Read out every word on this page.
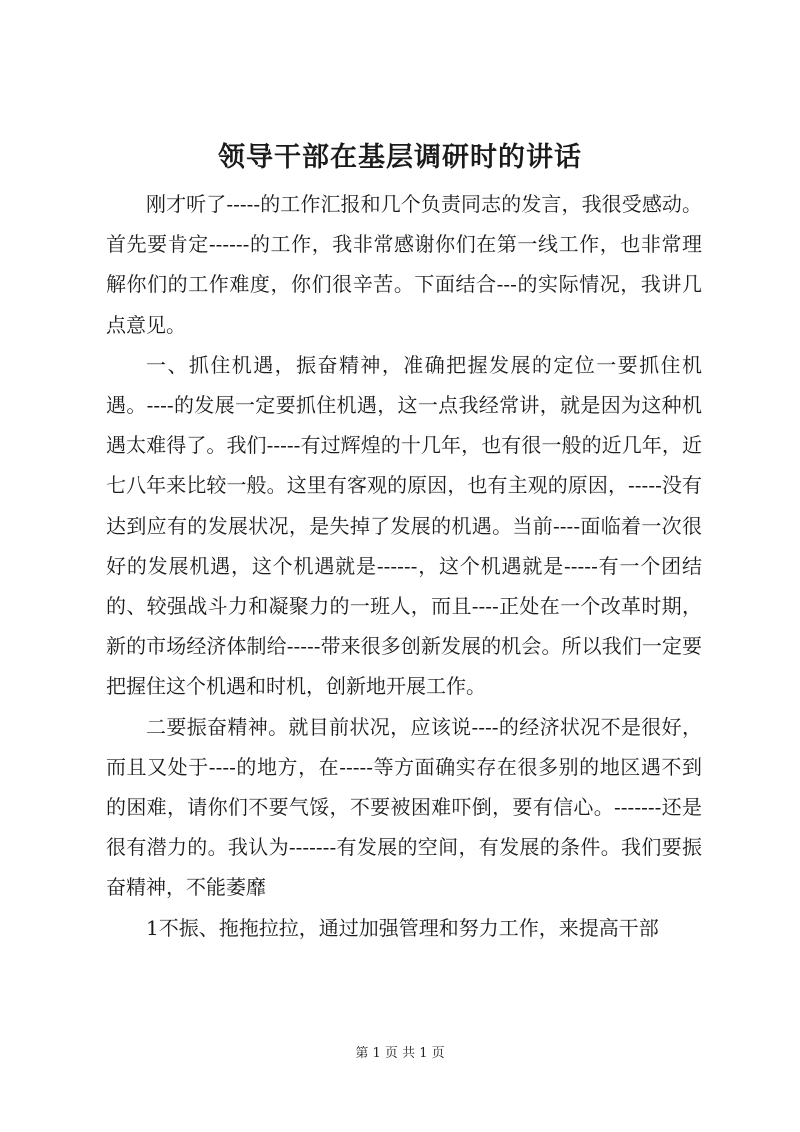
领导干部在基层调研时的讲话

刚才听了-----的工作汇报和几个负责同志的发言，我很受感动。首先要肯定------的工作，我非常感谢你们在第一线工作，也非常理解你们的工作难度，你们很辛苦。下面结合---的实际情况，我讲几点意见。

一、抓住机遇，振奋精神，准确把握发展的定位一要抓住机遇。----的发展一定要抓住机遇，这一点我经常讲，就是因为这种机遇太难得了。我们-----有过辉煌的十几年，也有很一般的近几年，近七八年来比较一般。这里有客观的原因，也有主观的原因，-----没有达到应有的发展状况，是失掉了发展的机遇。当前----面临着一次很好的发展机遇，这个机遇就是------，这个机遇就是-----有一个团结的、较强战斗力和凝聚力的一班人，而且----正处在一个改革时期，新的市场经济体制给-----带来很多创新发展的机会。所以我们一定要把握住这个机遇和时机，创新地开展工作。

二要振奋精神。就目前状况，应该说----的经济状况不是很好，而且又处于----的地方，在-----等方面确实存在很多别的地区遇不到的困难，请你们不要气馁，不要被困难吓倒，要有信心。-------还是很有潜力的。我认为-------有发展的空间，有发展的条件。我们要振奋精神，不能萎靡

1不振、拖拖拉拉，通过加强管理和努力工作，来提高干部

第 1 页 共 1 页
